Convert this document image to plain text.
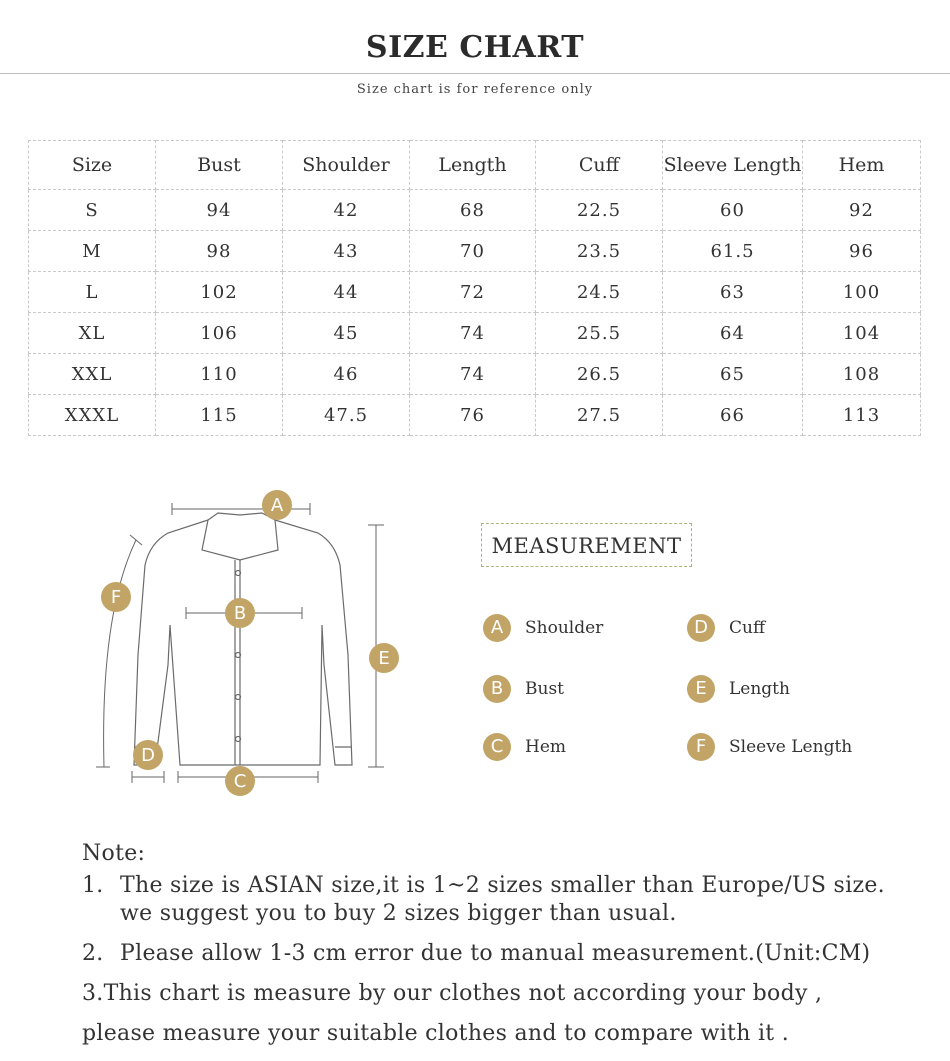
SIZE CHART
Size chart is for reference only
Size	Bust	Shoulder	Length	Cuff	Sleeve Length	Hem
S	94	42	68	22.5	60	92
M	98	43	70	23.5	61.5	96
L	102	44	72	24.5	63	100
XL	106	45	74	25.5	64	104
XXL	110	46	74	26.5	65	108
XXXL	115	47.5	76	27.5	66	113
A
B
C
D
E
F
MEASUREMENT
A	Shoulder	D	Cuff
B	Bust	E	Length
C	Hem	F	Sleeve Length
Note:
1. The size is ASIAN size,it is 1~2 sizes smaller than Europe/US size.
we suggest you to buy 2 sizes bigger than usual.
2. Please allow 1-3 cm error due to manual measurement.(Unit:CM)
3.This chart is measure by our clothes not according your body ,
please measure your suitable clothes and to compare with it .
